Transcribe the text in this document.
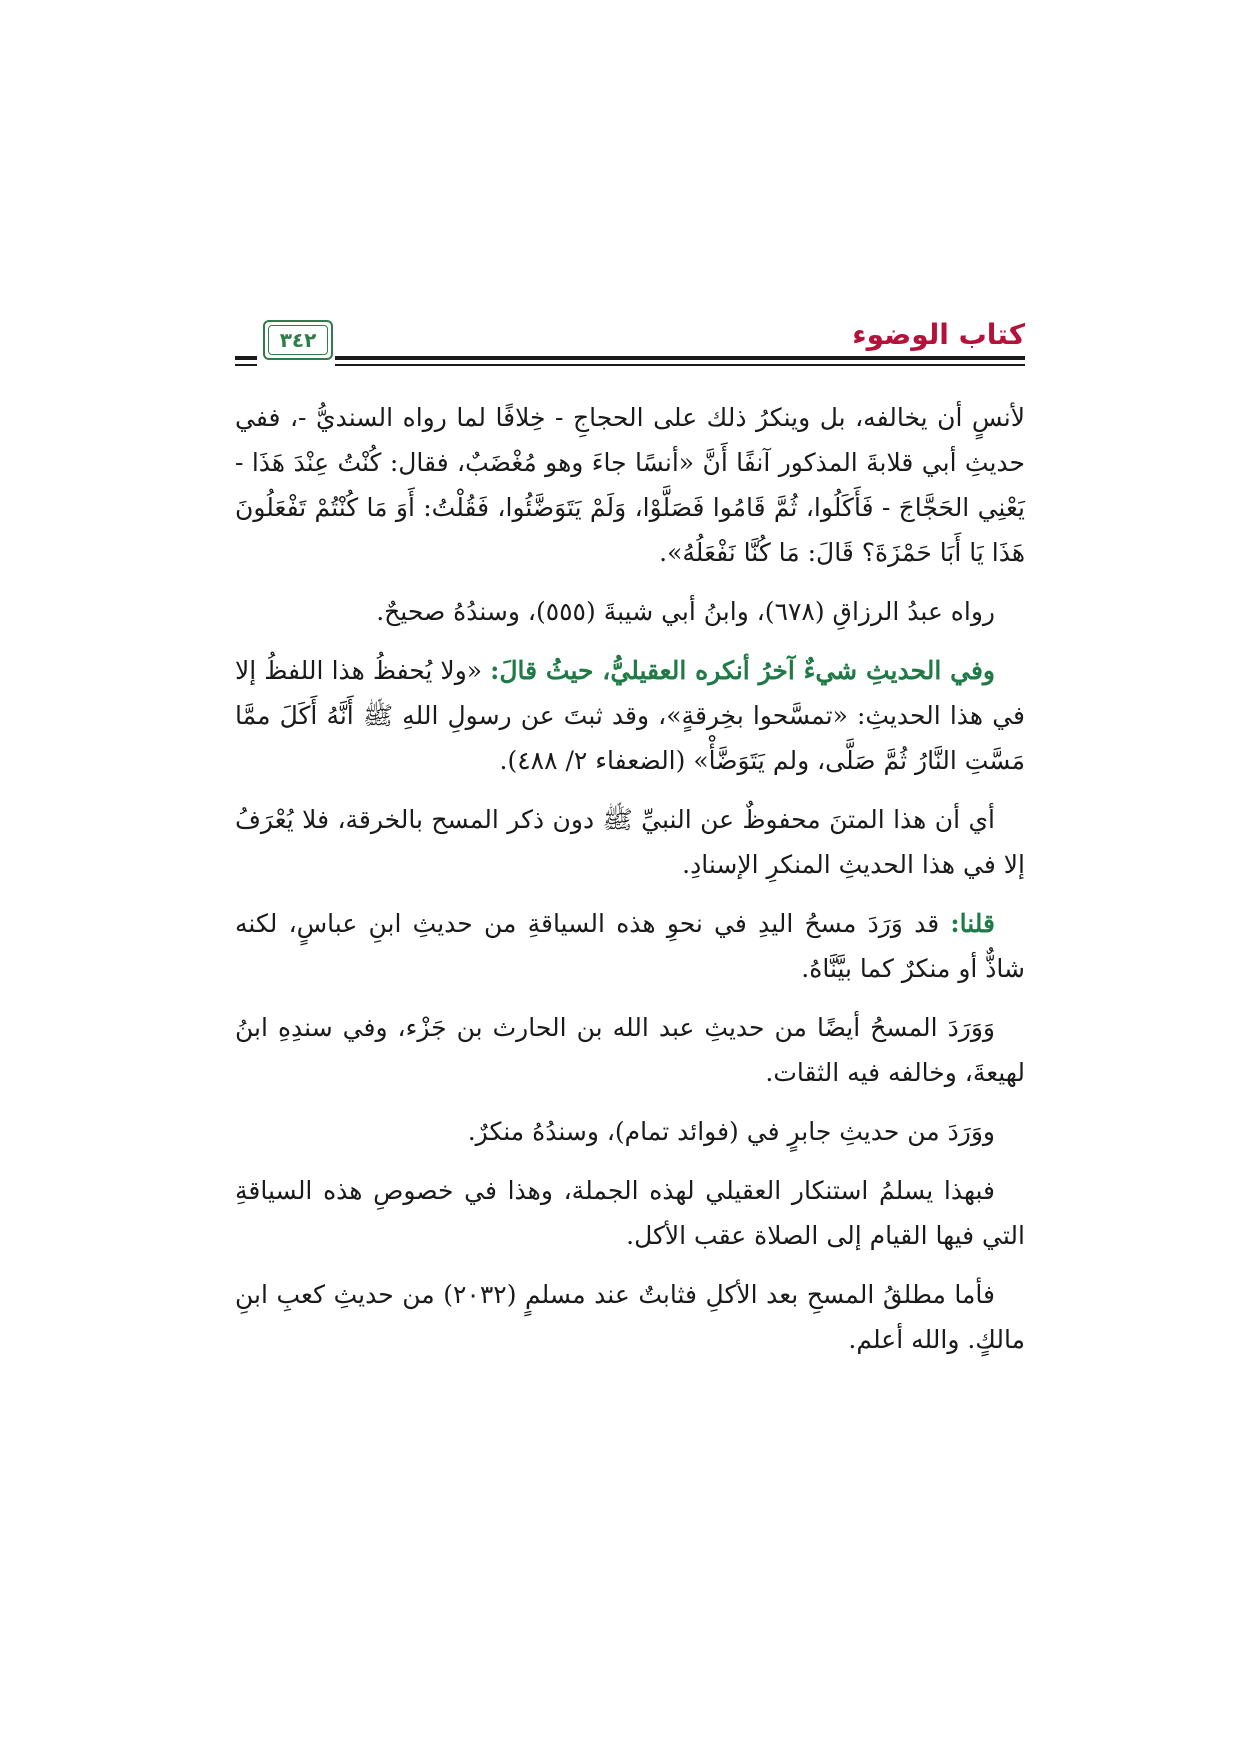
كتاب الوضوء
٣٤٢

لأنسٍ أن يخالفه، بل وينكرُ ذلك على الحجاجِ - خِلافًا لما رواه السنديُّ -، ففي حديثِ أبي قلابةَ المذكور آنفًا أَنَّ «أنسًا جاءَ وهو مُغْضَبٌ، فقال: كُنْتُ عِنْدَ هَذَا - يَعْنِي الحَجَّاجَ - فَأَكَلُوا، ثُمَّ قَامُوا فَصَلَّوْا، وَلَمْ يَتَوَضَّئُوا، فَقُلْتُ: أَوَ مَا كُنْتُمْ تَفْعَلُونَ هَذَا يَا أَبَا حَمْزَةَ؟ قَالَ: مَا كُنَّا نَفْعَلُهُ».

رواه عبدُ الرزاقِ (٦٧٨)، وابنُ أبي شيبةَ (٥٥٥)، وسندُهُ صحيحٌ.

وفي الحديثِ شيءٌ آخرُ أنكره العقيليُّ، حيثُ قالَ: «ولا يُحفظُ هذا اللفظُ إلا في هذا الحديثِ: «تمسَّحوا بخِرقةٍ»، وقد ثبتَ عن رسولِ اللهِ ﷺ أَنَّهُ أَكَلَ ممَّا مَسَّتِ النَّارُ ثُمَّ صَلَّى، ولم يَتَوَضَّأْ» (الضعفاء ٢/ ٤٨٨).

أي أن هذا المتنَ محفوظٌ عن النبيِّ ﷺ دون ذكر المسح بالخرقة، فلا يُعْرَفُ إلا في هذا الحديثِ المنكرِ الإسنادِ.

قلنا: قد وَرَدَ مسحُ اليدِ في نحوِ هذه السياقةِ من حديثِ ابنِ عباسٍ، لكنه شاذٌّ أو منكرٌ كما بيَّنَّاهُ.

وَوَرَدَ المسحُ أيضًا من حديثِ عبد الله بن الحارث بن جَزْء، وفي سندِهِ ابنُ لهيعةَ، وخالفه فيه الثقات.

ووَرَدَ من حديثِ جابرٍ في (فوائد تمام)، وسندُهُ منكرٌ.

فبهذا يسلمُ استنكار العقيلي لهذه الجملة، وهذا في خصوصِ هذه السياقةِ التي فيها القيام إلى الصلاة عقب الأكل.

فأما مطلقُ المسحِ بعد الأكلِ فثابتٌ عند مسلمٍ (٢٠٣٢) من حديثِ كعبِ ابنِ مالكٍ. والله أعلم.
